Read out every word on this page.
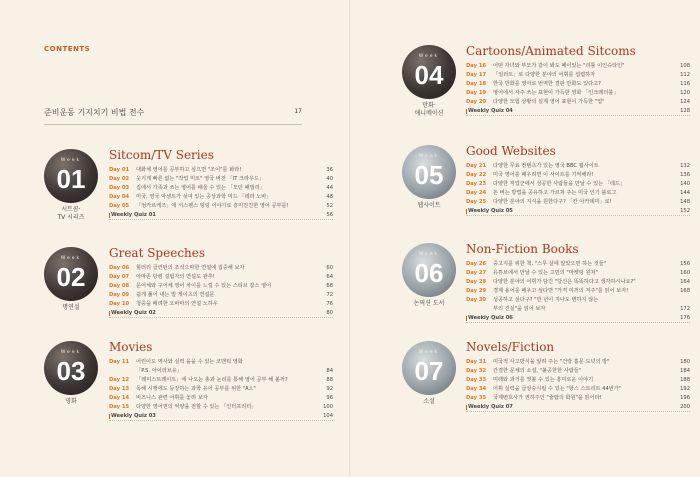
CONTENTS
준비운동 기지치기 비법 전수	17
Week
01
시트콤·
TV 시리즈
Sitcom/TV Series
Day 01 대화체 영어를 공부하고 싶으면 "조이"를 봐라!	36
Day 02 웃기게 빠른 없는 "작업 미트" 영국 버전 「IT 크라우드」	40
Day 03 집에서 가족과 쓰는 영어를 배울 수 있는 「모던 패밀리」	44
Day 04 미국, 영국 악센트가 섞여 있는 공상과학 미드 「테라 노바」	48
Day 05 「엉카르케즈」에 서스펜스 팅팅 이야기로 흥미진진한 영어 공부를!	52
Weekly Quiz 01	56
Week
02
명연설
Great Speeches
Day 06 힐러리 클린턴의 조석으막한 연설에 집중해 보자	60
Day 07 아마존 당컴 설립자의 연설도 관추!	64
Day 08 문어체와 구어체 영어 차이를 느낄 수 있는 스티브 잡스 영어	68
Day 09 쉽게 풀어 내는 빌 게이츠의 연설문	72
Day 10 청중을 배려한 오바마의 연설 노하우	76
Weekly Quiz 02	80
Week
03
영화
Movies
Day 11 어린이도 역사와 실력 을을 수 있는 코맨틱 영화
「P.S. 아이러브유」	84
Day 12 「레미스트레이트」에 나오는 총과 논리를 통해 영어 공부 해 볼까?	88
Day 13 독해 시행에도 등장하는 과학 유어 공부를 위한 "A.I."	92
Day 14 비즈니스 관련 어휘를 놓려 보자	96
Day 15 다양한 영어권의 억양을 전할 수 있는 「인터프리터」	100
Weekly Quiz 03	104
Week
04
만화·
애니메이션
Cartoons/Animated Sitcoms
Day 16 어떤 자녀와 부모가 같이 봐도 페이있는 "리틀 이인슈타인"	108
Day 17 「일러트」로 다양한 분야의 어휘를 섭렵하자	112
Day 18 한국 만화를 영어로 번역한 결판 만화도 있다고?	116
Day 19 영어에서 자주 쓰는 표현이 가득한 영화 「인크레더블」	120
Day 20 다양한 모험 상황의 실제 영어 표현이 가득한 "업"	124
Weekly Quiz 04	128
Week
05
웹사이트
Good Websites
Day 21 다양한 무료 컨텐츠가 있는 영국 BBC 웹사이트	132
Day 22 미국 영어를 배우려면 이 사이트를 기억해라!	136
Day 23 다양한 직업군에서 성공한 사람들을 만날 수 있는 「테드」	140
Day 24 돈 버는 방법을 공유하고 가르쳐 주는 미국 인기 블로그	144
Day 25 다양한 분야의 지식을 원한다구? 「칸 아카데미」로!	148
Weekly Quiz 05	152
Week
06
논픽션 도서
Non-Fiction Books
Day 26 중고지를 위한 책, "스무 살에 알았으면 하는 것들"	156
Day 27 유튜브에서 만날 수 있는 고민의 "마켓팅 원쳐"	160
Day 28 다양한 분야의 어휘가 담긴 "당신은 똑똑하다고 생각하시나요?"	164
Day 29 경제 용어를 배우고 싶다면 "가격 미끼의 저주"를 읽어 보자!	168
Day 30 성공하고 싶다구? "만 년이 지나도 변하지 않는
부의 진실"을 읽어 보자	172
Weekly Quiz 06	176
Week
07
소설
Novels/Fiction
Day 31 미국적 사고방식을 알려 주는 "건랑 훌문 도넛의 방"	180
Day 32 간결한 문체의 소설, "붙공한한 사람들"	184
Day 33 미래와 과거를 엿볼 수 있는 흥미로운 이야기	188
Day 34 어휘 실력을 급상승시킬 수 있는 "항스 스토리트 44번가"	192
Day 35 국제변호사가 권하주인 "줄랍의 화원"을 읽어라!	196
Weekly Quiz 07	200
